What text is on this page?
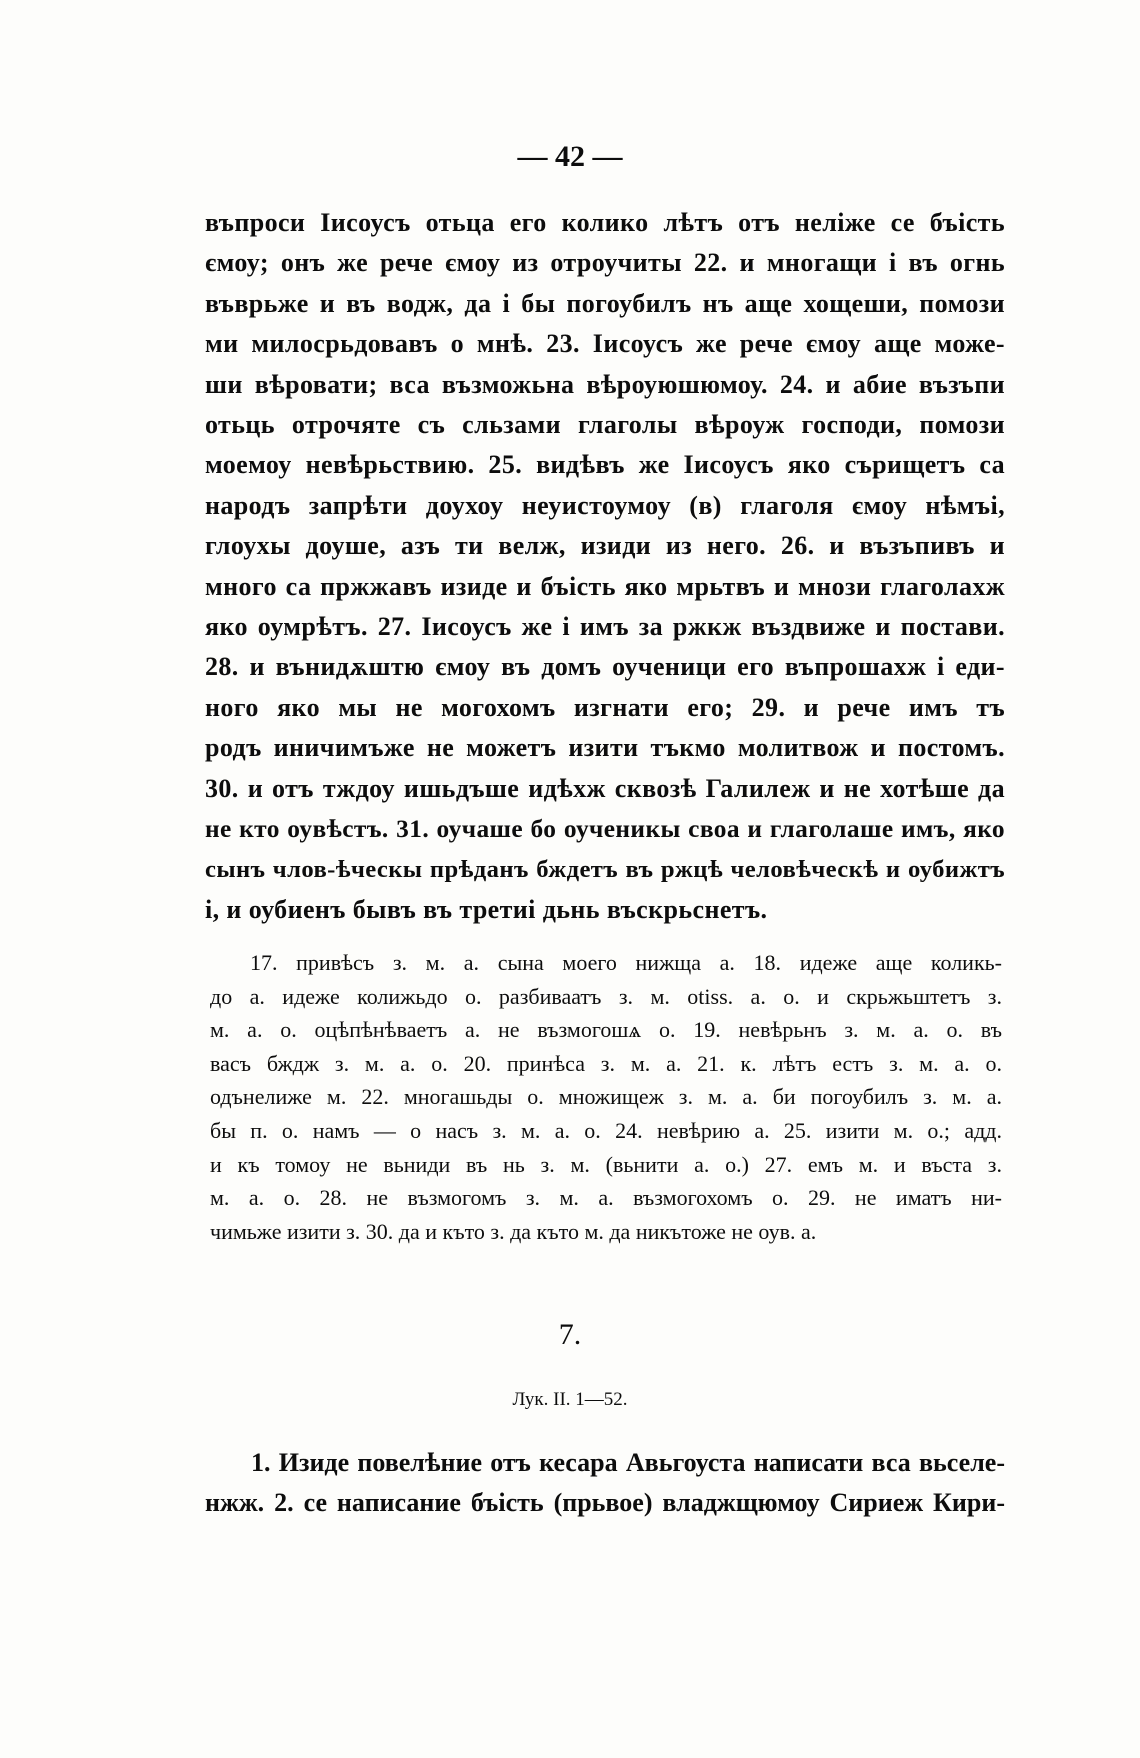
— 42 —
въпроси Іисоусъ отьца его колико лѣтъ отъ неліже се бъість
ємоу; онъ же рече ємоу из отроучиты 22. и многащи і въ огнь
въврьже и въ водж, да і бы погоубилъ нъ аще хощеши, помози
ми милосрьдовавъ о мнѣ. 23. Іисоусъ же рече ємоу аще може-
ши вѣровати; вса възможьна вѣроуюшюмоу. 24. и абие възъпи
отьць отрочяте съ сльзами глаголы вѣроуж господи, помози
моемоу невѣрьствию. 25. видѣвъ же Іисоусъ яко сърищетъ са
народъ запрѣти доухоу неуистоумоу (в) глаголя ємоу нѣмъі,
глоухы доуше, азъ ти велж, изиди из него. 26. и възъпивъ и
много са пржжавъ изиде и бъість яко мрьтвъ и мнози глаголахж
яко оумрѣтъ. 27. Іисоусъ же і имъ за ржкж въздвиже и постави.
28. и вънидѫштю ємоу въ домъ оученици его въпрошахж і еди-
ного яко мы не могохомъ изгнати его; 29. и рече имъ тъ
родъ иничимъже не можетъ изити тъкмо молитвож и постомъ.
30. и отъ тждоу ишьдъше идѣхж сквозѣ Галилеж и не хотѣше да
не кто оувѣстъ. 31. оучаше бо оученикы своа и глаголаше имъ, яко
сынъ члов-ѣческы прѣданъ бждетъ въ ржцѣ человѣческѣ и оубижтъ
і, и оубиенъ бывъ въ третиі дьнь въскрьснетъ.
17. привѣсъ з. м. а. сына моего нижща а. 18. идеже аще коликь-
до а. идеже колижьдо о. разбиваатъ з. м. otiss. а. о. и скрьжьштетъ з.
м. а. о. оцѣпѣнѣваетъ а. не възмогошѧ о. 19. невѣрьнъ з. м. а. о. въ
васъ бждж з. м. а. о. 20. принѣса з. м. а. 21. к. лѣтъ естъ з. м. а. о.
одънелиже м. 22. многашьды о. множищеж з. м. а. би погоубилъ з. м. а.
бы п. о. намъ — о насъ з. м. а. о. 24. невѣрию а. 25. изити м. о.; адд.
и къ томоу не вьниди въ нь з. м. (вьнити а. о.) 27. емъ м. и въста з.
м. а. о. 28. не възмогомъ з. м. а. възмогохомъ о. 29. не иматъ ни-
чимьже изити з. 30. да и къто з. да къто м. да никътоже не оув. а.
7.
Лук. II. 1—52.
1. Изиде повелѣние отъ кесара Авьгоуста написати вса вьселе-
нжж. 2. се написание бъість (прьвое) владжщюмоу Сириеж Кири-
